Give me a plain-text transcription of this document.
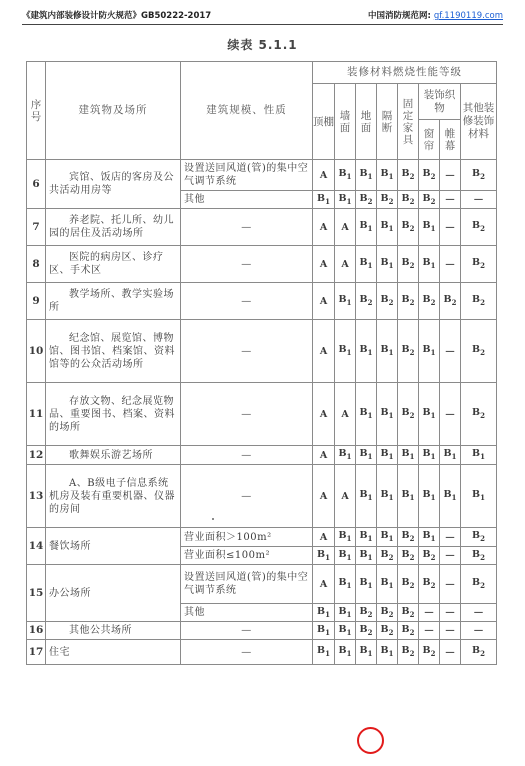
《建筑内部装修设计防火规范》GB50222-2017	中国消防规范网: gf.1190119.com
续表 5.1.1
序号	建筑物及场所	建筑规模、性质	装修材料燃烧性能等级							
			顶棚	墙面	地面	隔断	固定家具	装饰织物		其他装修装饰材料
								窗帘	帷幕	
6	宾馆、饭店的客房及公共活动用房等	设置送回风道(管)的集中空气调节系统	A	$B_1$	$B_1$	$B_1$	$B_2$	$B_2$	—	$B_2$
		其他	$B_1$	$B_1$	$B_2$	$B_2$	$B_2$	$B_2$	—	—
7	养老院、托儿所、幼儿园的居住及活动场所	—	A	A	$B_1$	$B_1$	$B_2$	$B_1$	—	$B_2$
8	医院的病房区、诊疗区、手术区	—	A	A	$B_1$	$B_1$	$B_2$	$B_1$	—	$B_2$
9	教学场所、教学实验场所	—	A	$B_1$	$B_2$	$B_2$	$B_2$	$B_2$	$B_2$	$B_2$
10	纪念馆、展览馆、博物馆、图书馆、档案馆、资料馆等的公众活动场所	—	A	$B_1$	$B_1$	$B_1$	$B_2$	$B_1$	—	$B_2$
11	存放文物、纪念展览物品、重要图书、档案、资料的场所	—	A	A	$B_1$	$B_1$	$B_2$	$B_1$	—	$B_2$
12	歌舞娱乐游艺场所	—	A	$B_1$	$B_1$	$B_1$	$B_1$	$B_1$	$B_1$	$B_1$
13	A、B级电子信息系统机房及装有重要机器、仪器的房间	—	A	A	$B_1$	$B_1$	$B_1$	$B_1$	$B_1$	$B_1$
14	餐饮场所	营业面积＞100m²	A	$B_1$	$B_1$	$B_1$	$B_2$	$B_1$	—	$B_2$
		营业面积≤100m²	$B_1$	$B_1$	$B_1$	$B_2$	$B_2$	$B_2$	—	$B_2$
15	办公场所	设置送回风道(管)的集中空气调节系统	A	$B_1$	$B_1$	$B_1$	$B_2$	$B_2$	—	$B_2$
		其他	$B_1$	$B_1$	$B_2$	$B_2$	$B_2$	—	—	—
16	其他公共场所	—	$B_1$	$B_1$	$B_2$	$B_2$	$B_2$	—	—	—
17	住宅	—	$B_1$	$B_1$	$B_1$	$B_1$	$B_2$	$B_2$	—	$B_2$
